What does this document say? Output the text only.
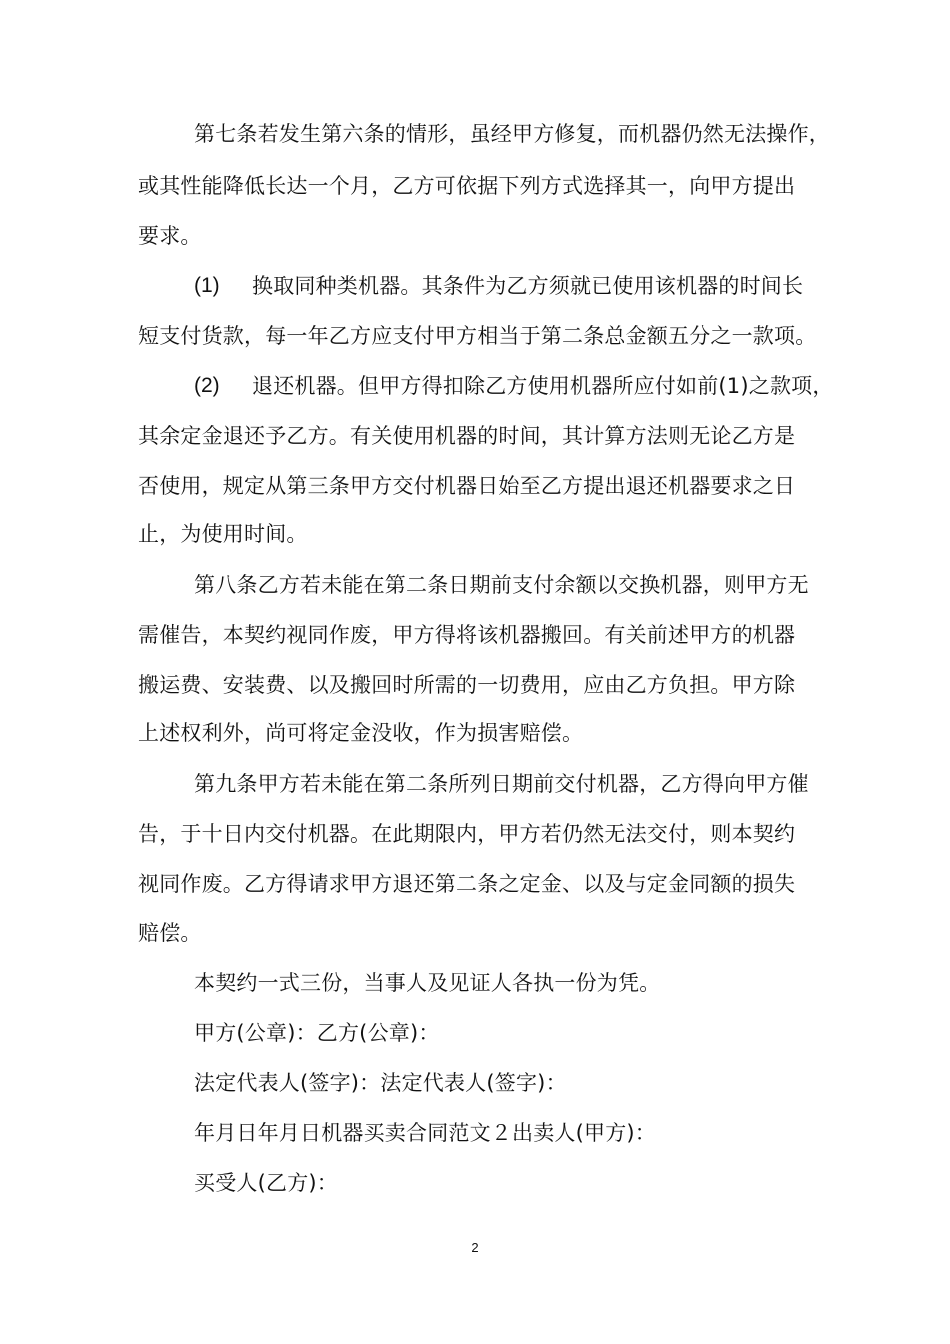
第七条若发生第六条的情形，虽经甲方修复，而机器仍然无法操作，
或其性能降低长达一个月，乙方可依据下列方式选择其一，向甲方提出
要求。
(1) 换取同种类机器。其条件为乙方须就已使用该机器的时间长
短支付货款，每一年乙方应支付甲方相当于第二条总金额五分之一款项。
(2) 退还机器。但甲方得扣除乙方使用机器所应付如前(1)之款项，
其余定金退还予乙方。有关使用机器的时间，其计算方法则无论乙方是
否使用，规定从第三条甲方交付机器日始至乙方提出退还机器要求之日
止，为使用时间。
第八条乙方若未能在第二条日期前支付余额以交换机器，则甲方无
需催告，本契约视同作废，甲方得将该机器搬回。有关前述甲方的机器
搬运费、安装费、以及搬回时所需的一切费用，应由乙方负担。甲方除
上述权利外，尚可将定金没收，作为损害赔偿。
第九条甲方若未能在第二条所列日期前交付机器，乙方得向甲方催
告，于十日内交付机器。在此期限内，甲方若仍然无法交付，则本契约
视同作废。乙方得请求甲方退还第二条之定金、以及与定金同额的损失
赔偿。
本契约一式三份，当事人及见证人各执一份为凭。
甲方(公章)：乙方(公章)：
法定代表人(签字)：法定代表人(签字)：
年月日年月日机器买卖合同范文２出卖人(甲方)：
买受人(乙方)：
2
